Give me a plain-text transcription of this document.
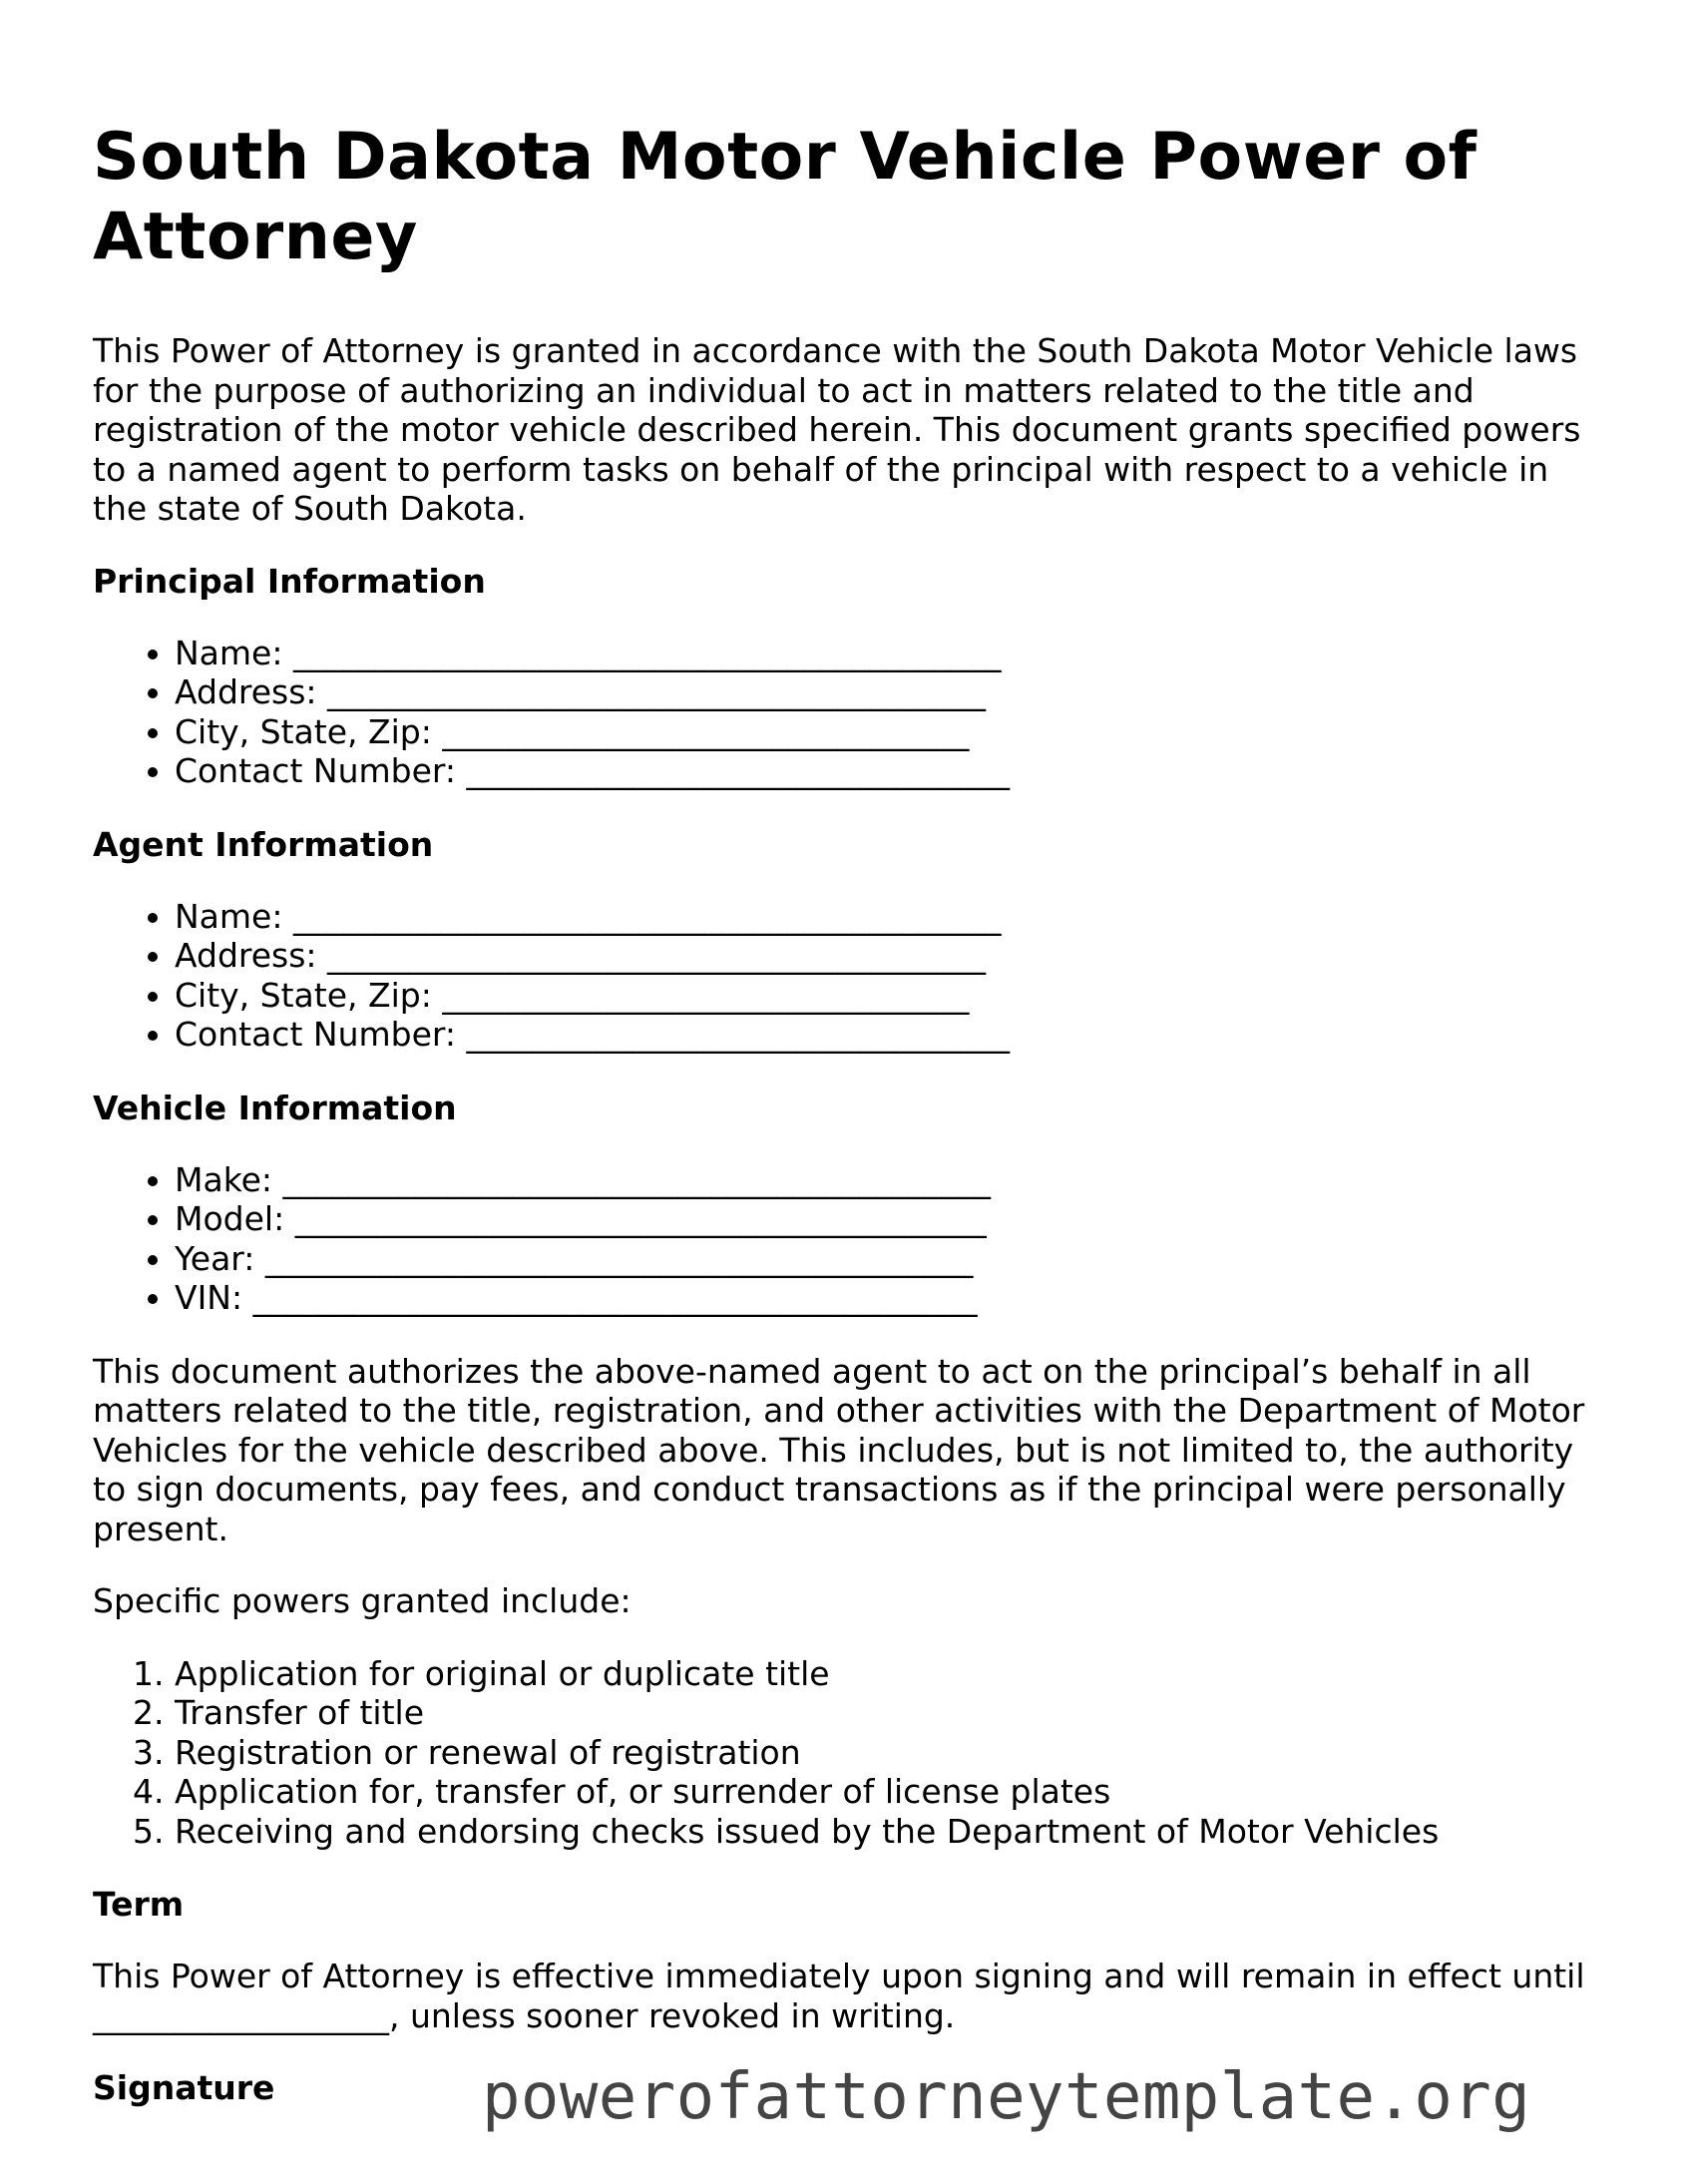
South Dakota Motor Vehicle Power of Attorney

This Power of Attorney is granted in accordance with the South Dakota Motor Vehicle laws for the purpose of authorizing an individual to act in matters related to the title and registration of the motor vehicle described herein. This document grants specified powers to a named agent to perform tasks on behalf of the principal with respect to a vehicle in the state of South Dakota.

Principal Information
• Name: ___________________________________________
• Address: ________________________________________
• City, State, Zip: ________________________________
• Contact Number: _________________________________
Agent Information
• Name: ___________________________________________
• Address: ________________________________________
• City, State, Zip: ________________________________
• Contact Number: _________________________________
Vehicle Information
• Make: ___________________________________________
• Model: __________________________________________
• Year: ___________________________________________
• VIN: ____________________________________________

This document authorizes the above-named agent to act on the principal’s behalf in all matters related to the title, registration, and other activities with the Department of Motor Vehicles for the vehicle described above. This includes, but is not limited to, the authority to sign documents, pay fees, and conduct transactions as if the principal were personally present.

Specific powers granted include:

1. Application for original or duplicate title
2. Transfer of title
3. Registration or renewal of registration
4. Application for, transfer of, or surrender of license plates
5. Receiving and endorsing checks issued by the Department of Motor Vehicles
Term

This Power of Attorney is effective immediately upon signing and will remain in effect until __________________, unless sooner revoked in writing.

Signature	powerofattorneytemplate.org
